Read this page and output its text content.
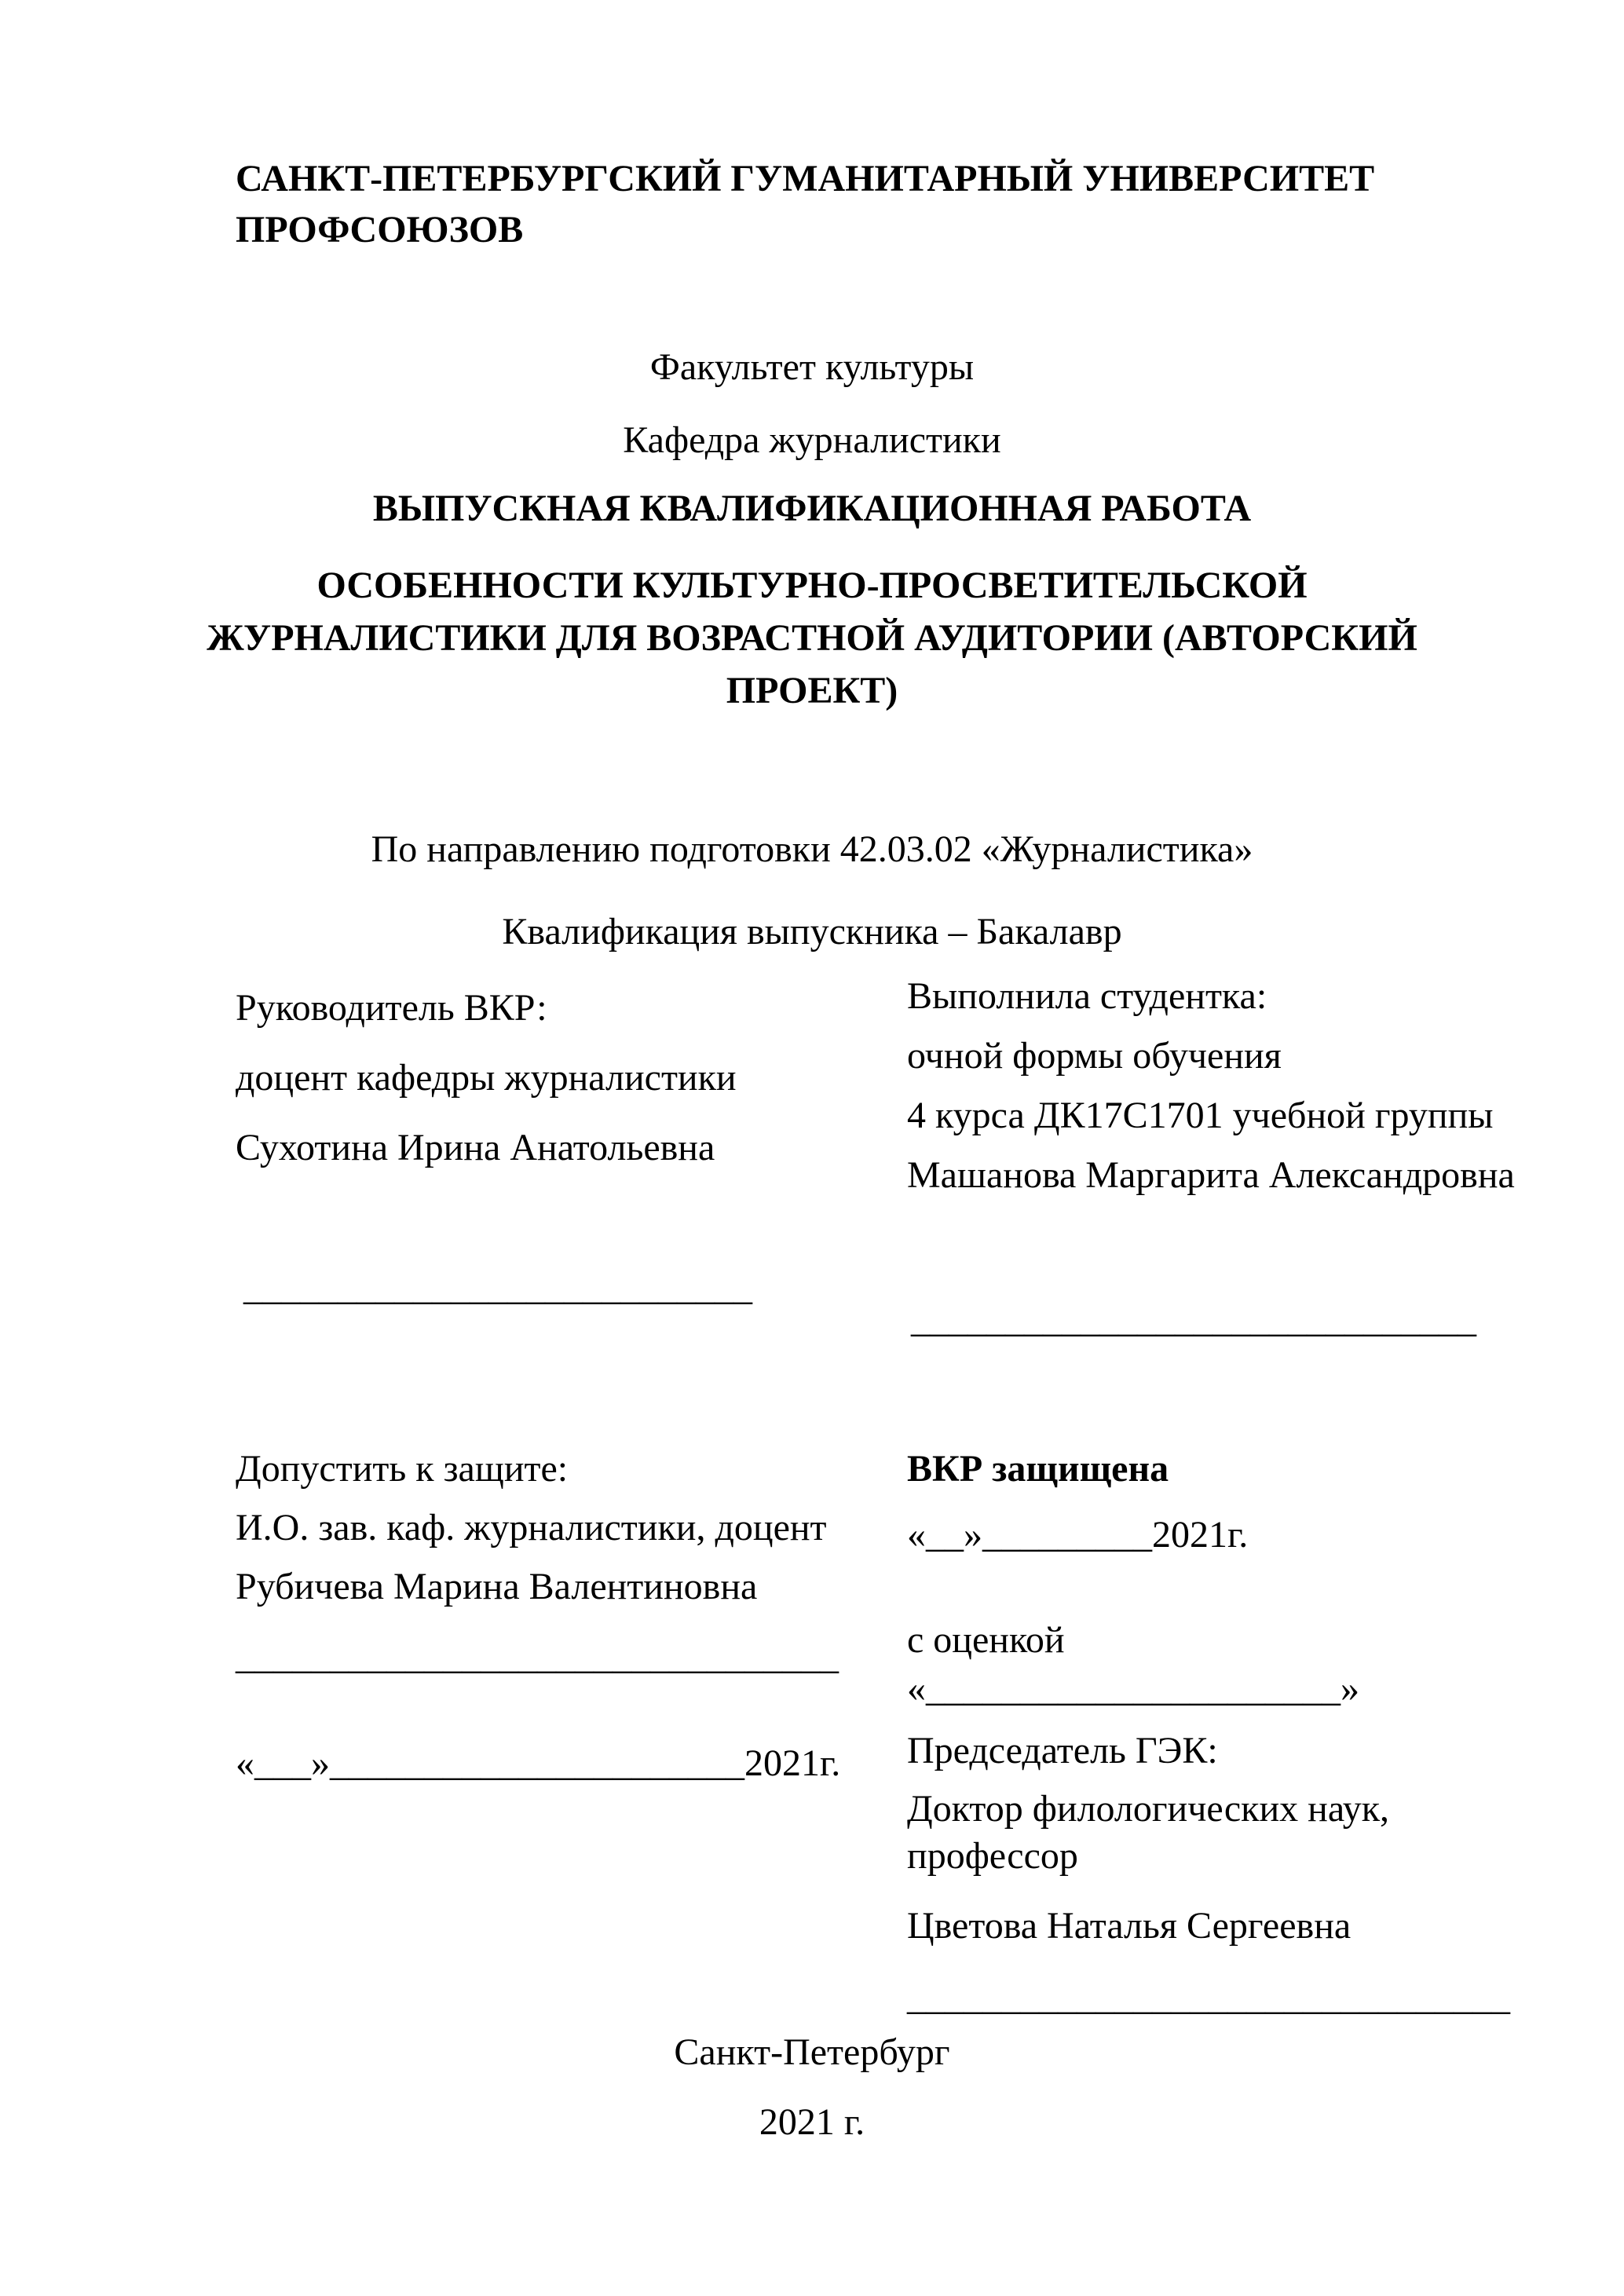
САНКТ-ПЕТЕРБУРГСКИЙ ГУМАНИТАРНЫЙ УНИВЕРСИТЕТ
ПРОФСОЮЗОВ
Факультет культуры
Кафедра журналистики
ВЫПУСКНАЯ КВАЛИФИКАЦИОННАЯ РАБОТА
ОСОБЕННОСТИ КУЛЬТУРНО-ПРОСВЕТИТЕЛЬСКОЙ
ЖУРНАЛИСТИКИ ДЛЯ ВОЗРАСТНОЙ АУДИТОРИИ (АВТОРСКИЙ
ПРОЕКТ)
По направлению подготовки 42.03.02 «Журналистика»
Квалификация выпускника – Бакалавр
Руководитель ВКР:
доцент кафедры журналистики
Сухотина Ирина Анатольевна
Выполнила студентка:
очной формы обучения
4 курса ДК17С1701 учебной группы
Машанова Маргарита Александровна
___________________________
______________________________
Допустить к защите:
И.О. зав. каф. журналистики, доцент
Рубичева Марина Валентиновна
________________________________
«___»______________________2021г.
ВКР защищена
«__»_________2021г.
с оценкой
«______________________»
Председатель ГЭК:
Доктор филологических наук, профессор
Цветова Наталья Сергеевна
________________________________
Санкт-Петербург
2021 г.
